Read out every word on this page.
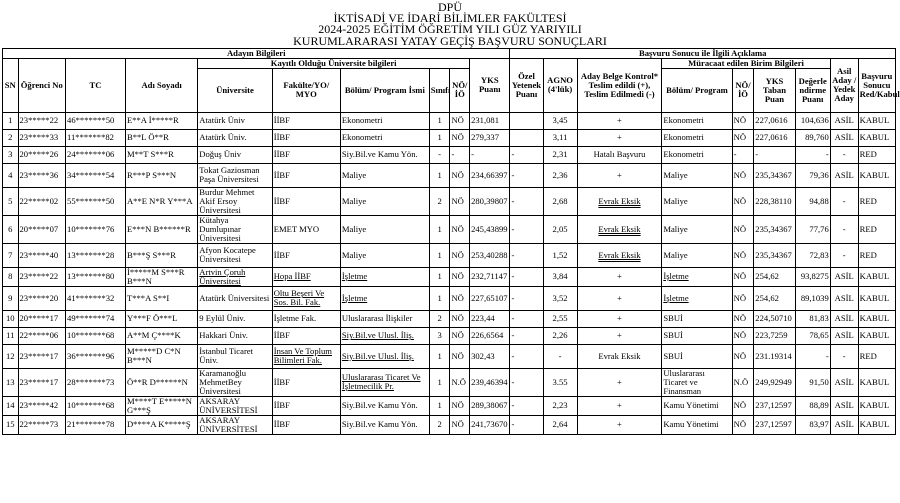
DPÜ
İKTİSADİ VE İDARİ BİLİMLER FAKÜLTESİ
2024-2025 EĞİTİM ÖĞRETİM YILI GÜZ YARIYILI
KURUMLARARASI YATAY GEÇİŞ BAŞVURU SONUÇLARI
Adayın Bilgileri										Başvuru Sonucu ile İlgili Açıklama								
SN	Öğrenci No	TC	Adı Soyadı	Kayıtlı Olduğu Üniversite bilgileri					YKS Puanı	Özel Yetenek Puanı	AGNO (4'lük)	Aday Belge Kontrol* Teslim edildi (+), Teslim Edilmedi (-)	Müracaat edilen Birim Bilgileri				Asil Aday / Yedek Aday	Başvuru Sonucu Red/Kabul
				Üniversite	Fakülte/YO/ MYO	Bölüm/ Program İsmi	Sınıfı	NÖ/ İÖ					Bölüm/ Program	NÖ/ İÖ	YKS Taban Puan	Değerle ndirme Puanı		
1	23*****22	46*******50	E**A İ*****R	Atatürk Üniv	İİBF	Ekonometri	1	NÖ	231,081		3,45	+	Ekonometri	NÖ	227,0616	104,636	ASİL	KABUL
2	23*****33	11*******82	B**L Ö**R	Atatürk Üniv.	İİBF	Ekonometri	1	NÖ	279,337		3,11	+	Ekonometri	NÖ	227,0616	89,760	ASİL	KABUL
3	20*****26	24*******06	M**T S***R	Doğuş Üniv	İİBF	Siy.Bil.ve Kamu Yön.	-	-	-	-	2,31	Hatalı Başvuru	Ekonometri	-	-	-	-	RED
4	23*****36	34*******54	R***P S***N	Tokat Gaziosman Paşa Üniversitesi	İİBF	Maliye	1	NÖ	234,66397	-	2,36	+	Maliye	NÖ	235,34367	79,36	ASİL	KABUL
5	22*****02	55*******50	A**E N*R Y***A	Burdur Mehmet Akif Ersoy Üniversitesi	İİBF	Maliye	2	NÖ	280,39807	-	2,68	Evrak Eksik	Maliye	NÖ	228,38110	94,88	-	RED
6	20*****07	10*******76	E***N B******R	Kütahya Dumlupınar Üniversitesi	EMET MYO	Maliye	1	NÖ	245,43899	-	2,05	Evrak Eksik	Maliye	NÖ	235,34367	77,76	-	RED
7	23*****40	13*******28	B***Ş S***R	Afyon Kocatepe Üniversitesi	İİBF	Maliye	1	NÖ	253,40288	-	1,52	Evrak Eksik	Maliye	NÖ	235,34367	72,83	-	RED
8	23*****22	13*******80	İ*****M S***R B***N	Artvin Çoruh Üniversitesi	Hopa İİBF	İşletme	1	NÖ	232,71147	-	3,84	+	İşletme	NÖ	254,62	93,8275	ASİL	KABUL
9	23*****20	41*******32	T***A S**I	Atatürk Üniversitesi	Oltu Beşeri Ve Sos. Bil. Fak.	İşletme	1	NÖ	227,65107	-	3,52	+	İşletme	NÖ	254,62	89,1039	ASİL	KABUL
10	20*****17	49*******74	Y***F Ö***L	9 Eylül Üniv.	İşletme Fak.	Uluslararası İlişkiler	2	NÖ	223,44	-	2,55	+	SBUİ	NÖ	224,50710	81,83	ASİL	KABUL
11	22*****06	10*******68	A**M Ç****K	Hakkari Üniv.	İİBF	Siy.Bil.ve Ulusl. İliş.	3	NÖ	226,6564	-	2,26	+	SBUİ	NÖ	223,7259	78,65	ASİL	KABUL
12	23*****17	36*******96	M*****D C*N B***N	İstanbul Ticaret Üniv.	İnsan Ve Toplum Bilimleri Fak.	Siy.Bil.ve Ulusl. İliş.	1	NÖ	302,43	-	-	Evrak Eksik	SBUİ	NÖ	231.19314	-	-	RED
13	23*****17	28*******73	Ö**R D******N	Karamanoğlu MehmetBey Üniversitesi	İİBF	Uluslararası Ticaret Ve İşletmecilik Pr.	1	N.Ö	239,46394	-	3.55	+	Uluslararası Ticaret ve Finansman	N.Ö	249,92949	91,50	ASİL	KABUL
14	23*****42	10*******68	M****T E*****N G***Ş	AKSARAY ÜNİVERSİTESİ	İİBF	Siy.Bil.ve Kamu Yön.	1	NÖ	289,38067	-	2,23	+	Kamu Yönetimi	NÖ	237,12597	88,89	ASİL	KABUL
15	22*****73	21*******78	D****A K*****Ş	AKSARAY ÜNİVERSİTESİ	İİBF	Siy.Bil.ve Kamu Yön.	2	NÖ	241,73670	-	2,64	+	Kamu Yönetimi	NÖ	237,12597	83,97	ASİL	KABUL
